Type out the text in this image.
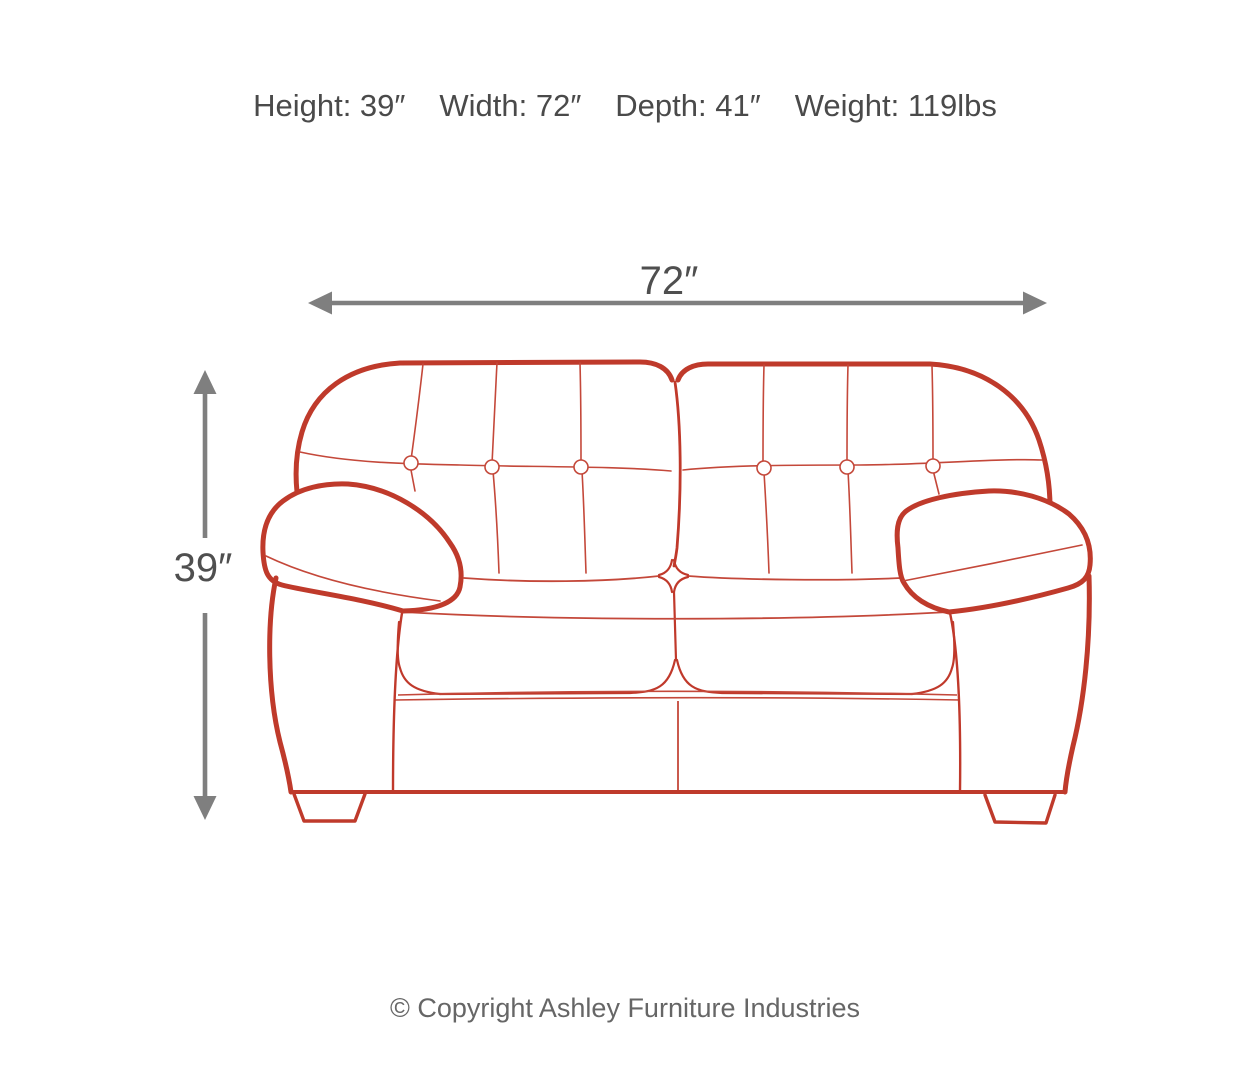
Height: 39″ Width: 72″ Depth: 41″ Weight: 119lbs
72″
39″
© Copyright Ashley Furniture Industries
